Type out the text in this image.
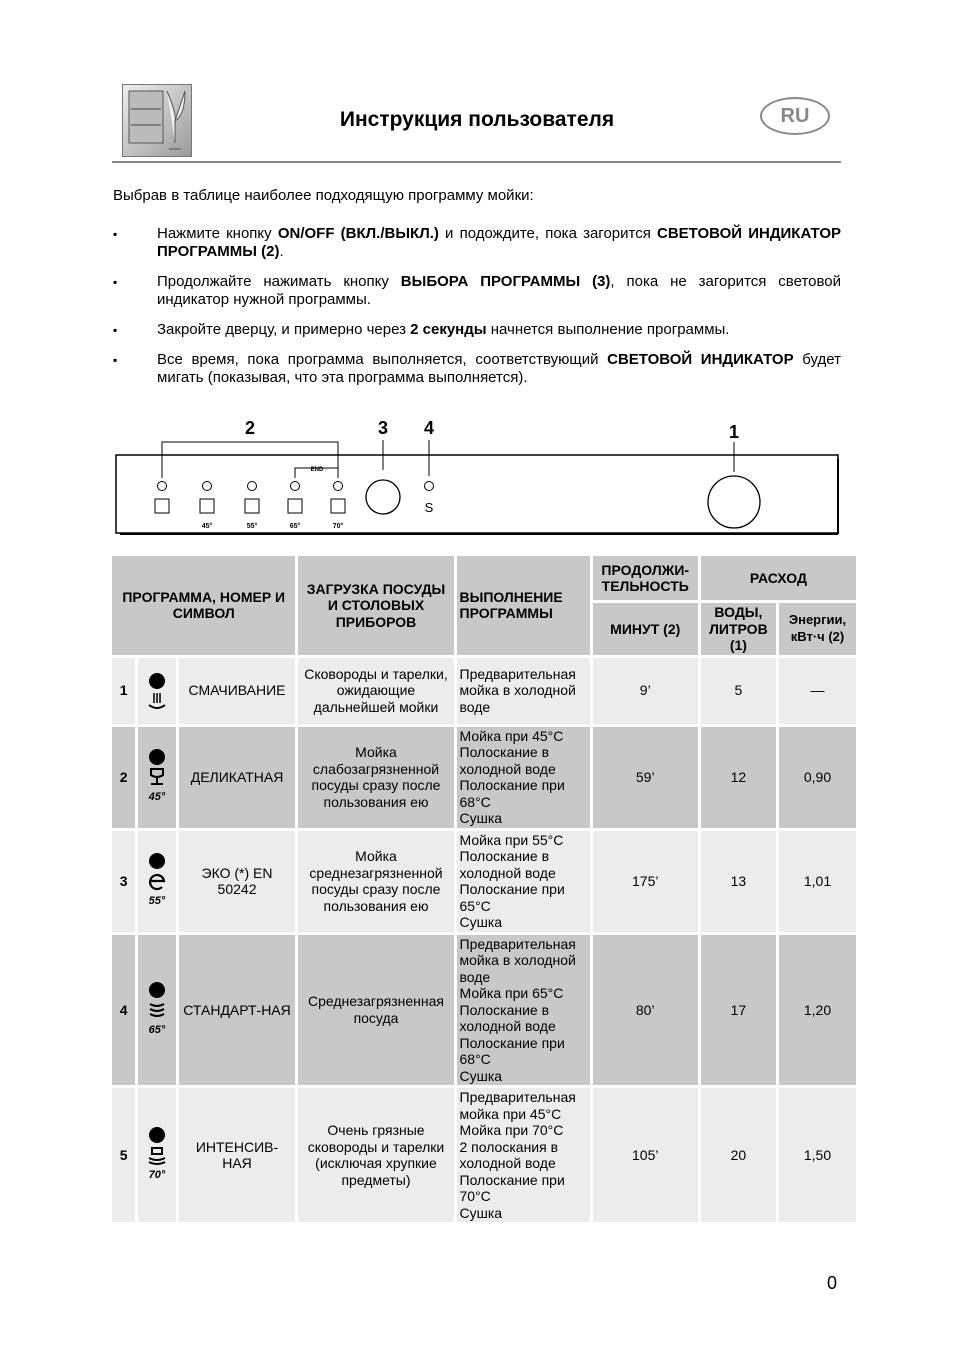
Инструкция пользователя	RU
Выбрав в таблице наиболее подходящую программу мойки:
▪	Нажмите кнопку ON/OFF (ВКЛ./ВЫКЛ.) и подождите, пока загорится СВЕТОВОЙ ИНДИКАТОР ПРОГРАММЫ (2).
▪	Продолжайте нажимать кнопку ВЫБОРА ПРОГРАММЫ (3), пока не загорится световой индикатор нужной программы.
▪	Закройте дверцу, и примерно через 2 секунды начнется выполнение программы.
▪	Все время, пока программа выполняется, соответствующий СВЕТОВОЙ ИНДИКАТОР будет мигать (показывая, что эта программа выполняется).
2	3 4	1
END
S
45°	55°	65°	70°
ПРОГРАММА, НОМЕР И СИМВОЛ			ЗАГРУЗКА ПОСУДЫ И СТОЛОВЫХ ПРИБОРОВ	ВЫПОЛНЕНИЕ ПРОГРАММЫ	ПРОДОЛЖИ-ТЕЛЬНОСТЬ	РАСХОД	
					МИНУТ (2)	ВОДЫ, ЛИТРОВ (1)	Энергии, кВт·ч (2)
1		СМАЧИВАНИЕ	Сковороды и тарелки, ожидающие дальнейшей мойки	Предварительная мойка в холодной воде	9’	5	—
2	45°	ДЕЛИКАТНАЯ	Мойка слабозагрязненной посуды сразу после пользования ею	Мойка при 45°C
Полоскание в холодной воде
Полоскание при 68°C
Сушка	59’	12	0,90
3	55°	ЭКО (*) EN 50242	Мойка среднезагрязненной посуды сразу после пользования ею	Мойка при 55°C
Полоскание в холодной воде
Полоскание при 65°C
Сушка	175’	13	1,01
4	65°	СТАНДАРТ-НАЯ	Среднезагрязненная посуда	Предварительная мойка в холодной воде
Мойка при 65°C
Полоскание в холодной воде
Полоскание при 68°C
Сушка	80’	17	1,20
5	70°	ИНТЕНСИВ-НАЯ	Очень грязные сковороды и тарелки (исключая хрупкие предметы)	Предварительная мойка при 45°C
Мойка при 70°C
2 полоскания в холодной воде
Полоскание при 70°C
Сушка	105’	20	1,50
0
